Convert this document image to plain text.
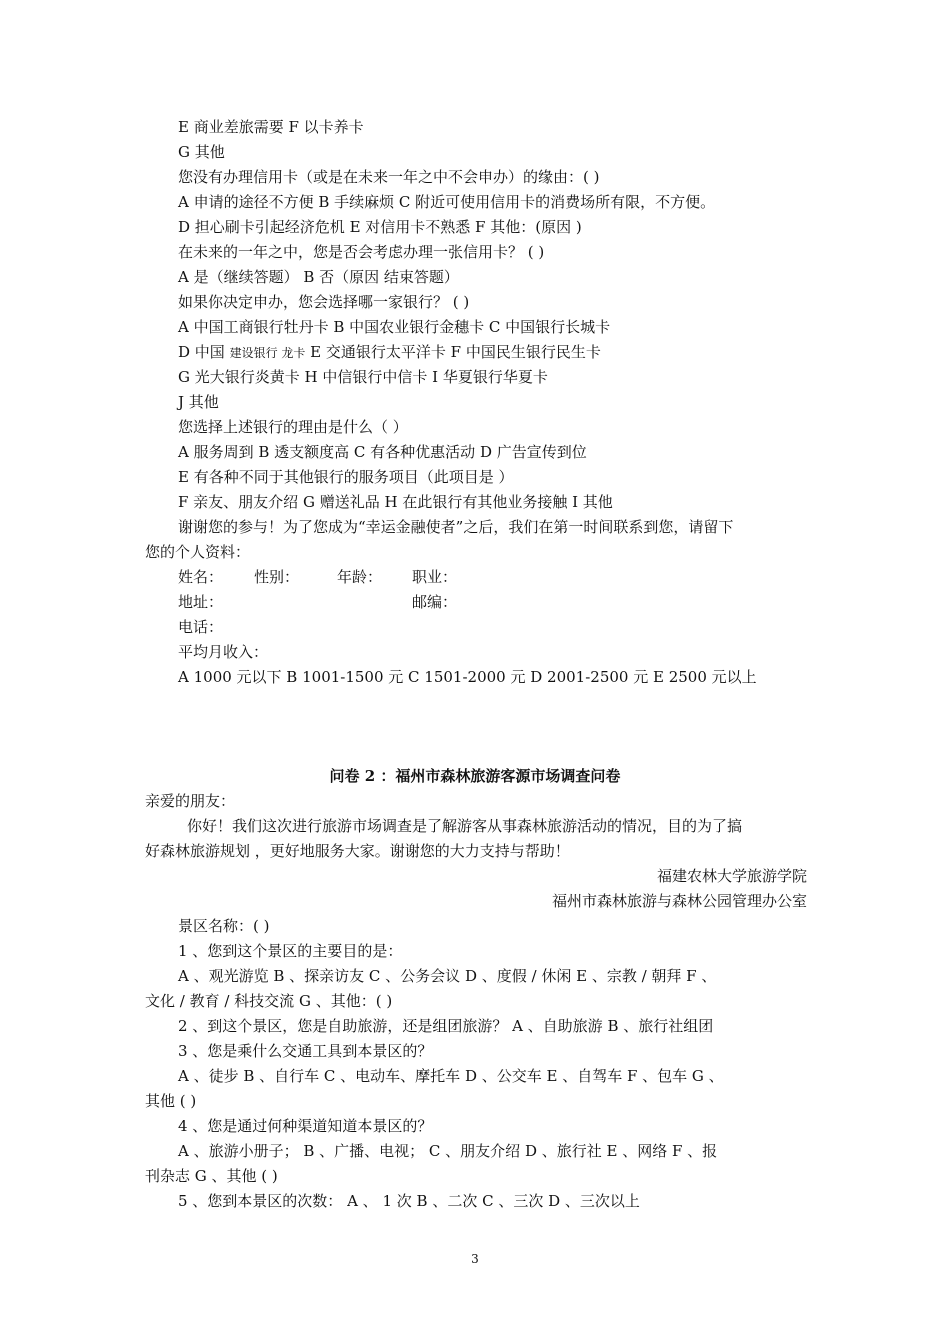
E 商业差旅需要 F 以卡养卡
G 其他
您没有办理信用卡（或是在未来一年之中不会申办）的缘由：( )
A 申请的途径不方便 B 手续麻烦 C 附近可使用信用卡的消费场所有限，不方便。
D 担心刷卡引起经济危机 E 对信用卡不熟悉 F 其他：(原因 )
在未来的一年之中，您是否会考虑办理一张信用卡？ ( )
A 是（继续答题） B 否（原因 结束答题）
如果你决定申办，您会选择哪一家银行？ ( )
A 中国工商银行牡丹卡 B 中国农业银行金穗卡 C 中国银行长城卡
D 中国 建设银行 龙卡 E 交通银行太平洋卡 F 中国民生银行民生卡
G 光大银行炎黄卡 H 中信银行中信卡 I 华夏银行华夏卡
J 其他
您选择上述银行的理由是什么（ ）
A 服务周到 B 透支额度高 C 有各种优惠活动 D 广告宣传到位
E 有各种不同于其他银行的服务项目（此项目是 ）
F 亲友、朋友介绍 G 赠送礼品 H 在此银行有其他业务接触 I 其他
谢谢您的参与！为了您成为“幸运金融使者”之后，我们在第一时间联系到您，请留下
您的个人资料：
姓名： 性别：	年龄： 职业：
地址：	邮编：
电话：
平均月收入：
A 1000 元以下 B 1001-1500 元 C 1501-2000 元 D 2001-2500 元 E 2500 元以上
问卷 2 ：福州市森林旅游客源市场调查问卷
亲爱的朋友：
你好！我们这次进行旅游市场调查是了解游客从事森林旅游活动的情况，目的为了搞
好森林旅游规划 ，更好地服务大家。谢谢您的大力支持与帮助！
福建农林大学旅游学院
福州市森林旅游与森林公园管理办公室
景区名称：( )
1 、您到这个景区的主要目的是：
A 、观光游览 B 、探亲访友 C 、公务会议 D 、度假 / 休闲 E 、宗教 / 朝拜 F 、
文化 / 教育 / 科技交流 G 、其他：( )
2 、到这个景区，您是自助旅游，还是组团旅游？ A 、自助旅游 B 、旅行社组团
3 、您是乘什么交通工具到本景区的？
A 、徒步 B 、自行车 C 、电动车、摩托车 D 、公交车 E 、自驾车 F 、包车 G 、
其他 ( )
4 、您是通过何种渠道知道本景区的？
A 、旅游小册子； B 、广播、电视； C 、朋友介绍 D 、旅行社 E 、网络 F 、报
刊杂志 G 、其他 ( )
5 、您到本景区的次数： A 、 1 次 B 、二次 C 、三次 D 、三次以上
3
